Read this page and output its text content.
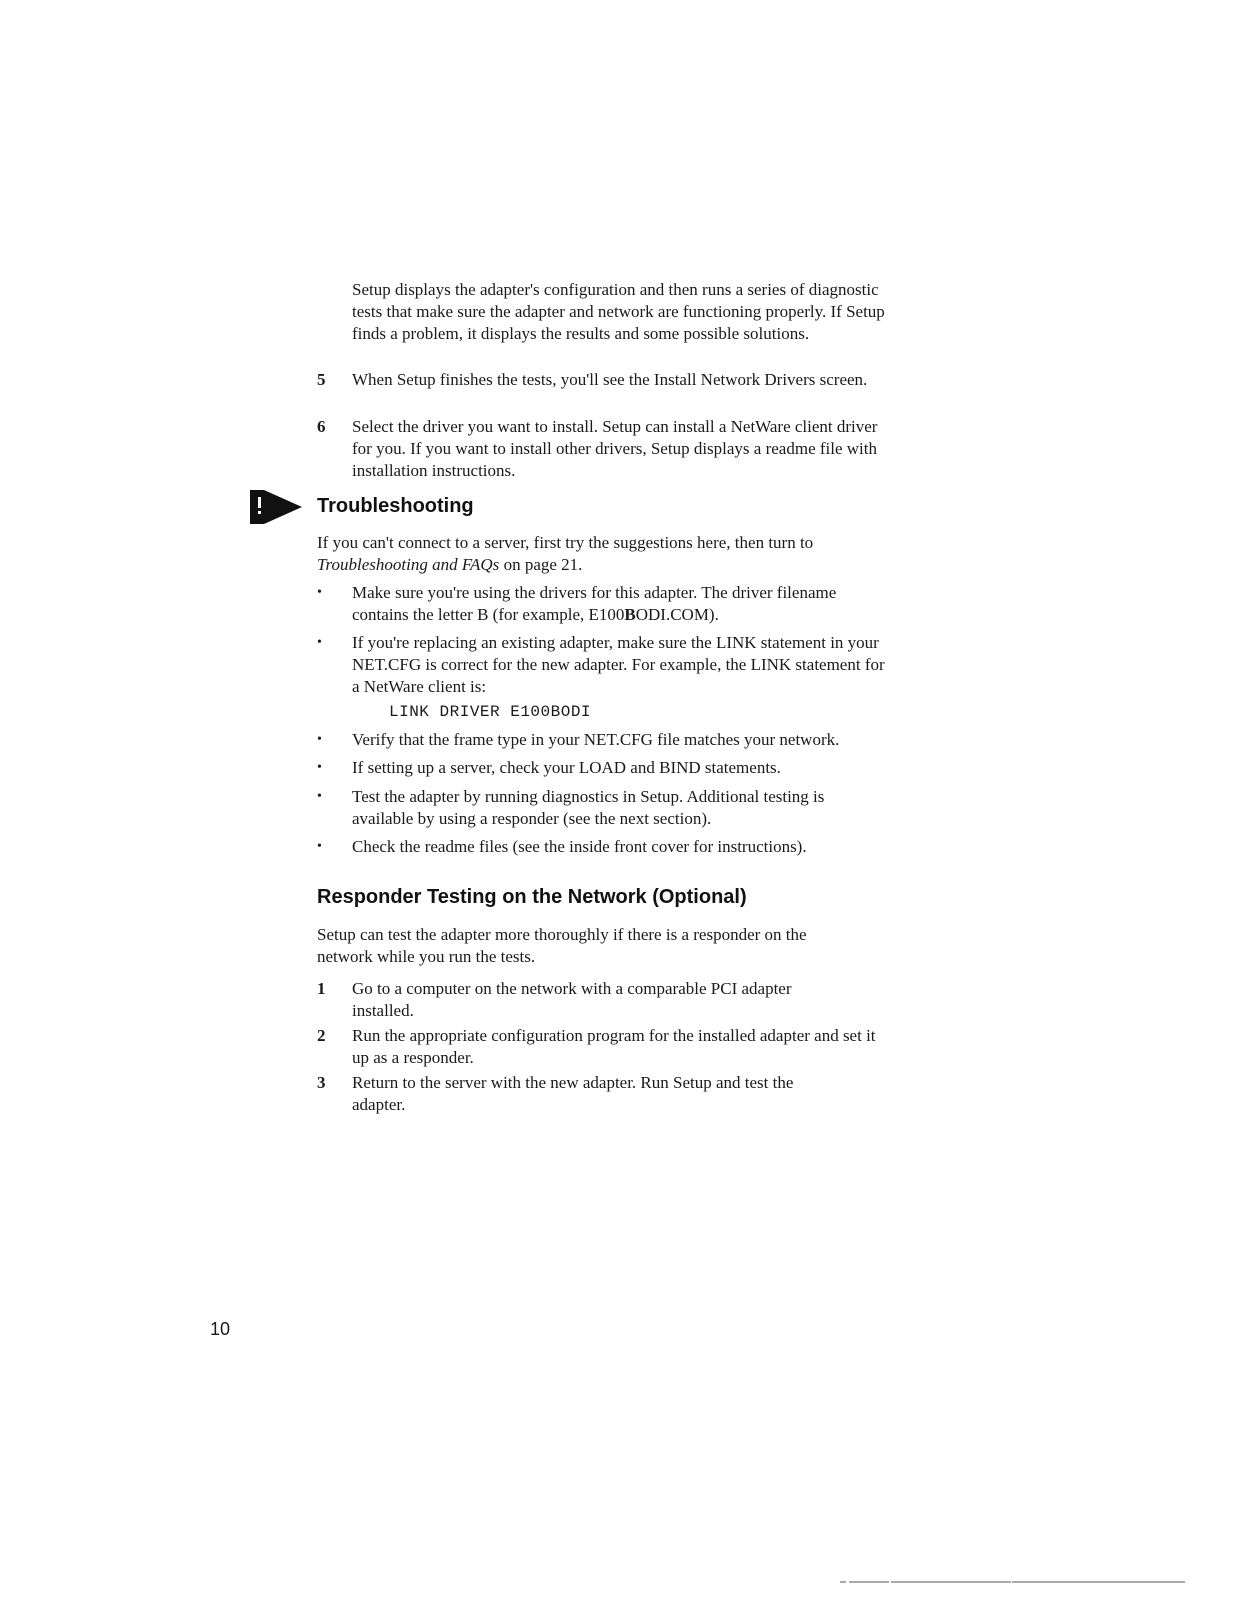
Setup displays the adapter's configuration and then runs a series of diagnostic tests that make sure the adapter and network are functioning properly. If Setup finds a problem, it displays the results and some possible solutions.

5	When Setup finishes the tests, you'll see the Install Network Drivers screen.

6	Select the driver you want to install. Setup can install a NetWare client driver for you. If you want to install other drivers, Setup displays a readme file with installation instructions.

Troubleshooting

If you can't connect to a server, first try the suggestions here, then turn to Troubleshooting and FAQs on page 21.

•	Make sure you're using the drivers for this adapter. The driver filename contains the letter B (for example, E100BODI.COM).

•	If you're replacing an existing adapter, make sure the LINK statement in your NET.CFG is correct for the new adapter. For example, the LINK statement for a NetWare client is:

LINK DRIVER E100BODI
•	Verify that the frame type in your NET.CFG file matches your network.

•	If setting up a server, check your LOAD and BIND statements.

•	Test the adapter by running diagnostics in Setup. Additional testing is available by using a responder (see the next section).

•	Check the readme files (see the inside front cover for instructions).

Responder Testing on the Network (Optional)

Setup can test the adapter more thoroughly if there is a responder on the network while you run the tests.

1	Go to a computer on the network with a comparable PCI adapter installed.

2	Run the appropriate configuration program for the installed adapter and set it up as a responder.

3	Return to the server with the new adapter. Run Setup and test the adapter.

10
